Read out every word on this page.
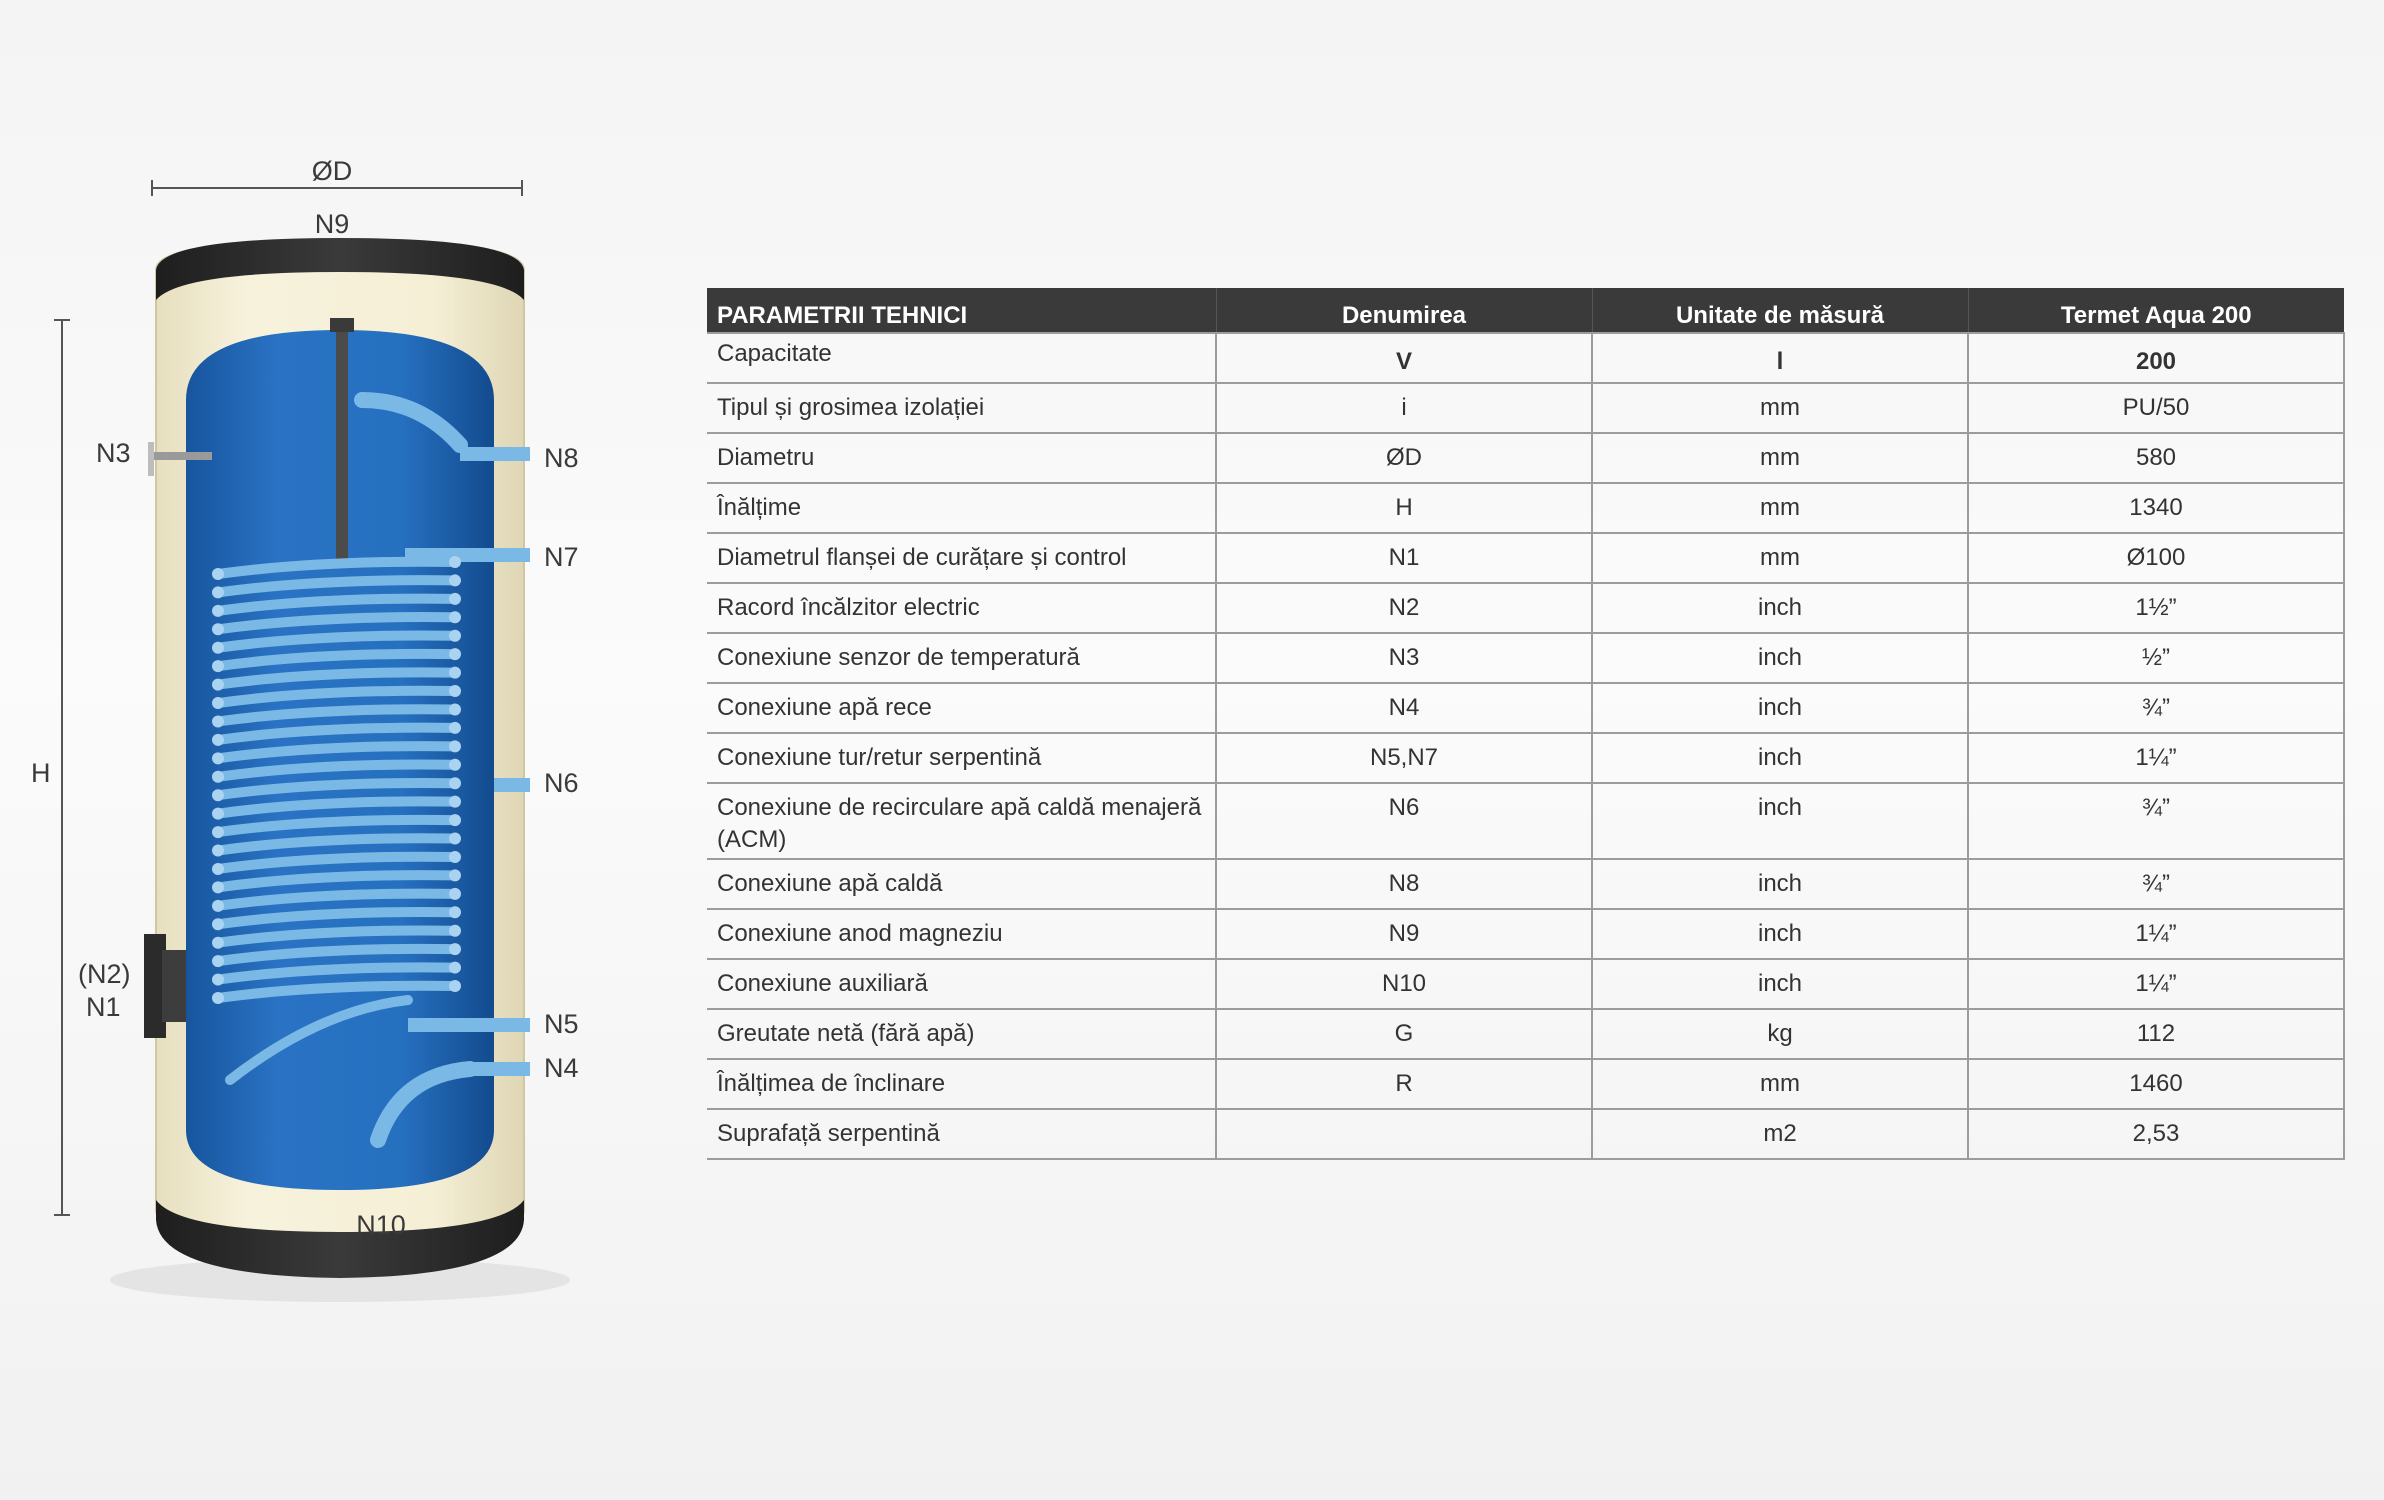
ØD
N9
N3	N8
N7
H	N6
(N2)
N1
N5
N4
N10
PARAMETRII TEHNICI	Denumirea	Unitate de măsură	Termet Aqua 200
Capacitate	V	l	200
Tipul și grosimea izolației	i	mm	PU/50
Diametru	ØD	mm	580
Înălțime	H	mm	1340
Diametrul flanșei de curățare și control	N1	mm	Ø100
Racord încălzitor electric	N2	inch	1½”
Conexiune senzor de temperatură	N3	inch	½”
Conexiune apă rece	N4	inch	¾”
Conexiune tur/retur serpentină	N5,N7	inch	1¼”
Conexiune de recirculare apă caldă menajeră (ACM)	N6	inch	¾”
Conexiune apă caldă	N8	inch	¾”
Conexiune anod magneziu	N9	inch	1¼”
Conexiune auxiliară	N10	inch	1¼”
Greutate netă (fără apă)	G	kg	112
Înălțimea de înclinare	R	mm	1460
Suprafață serpentină		m2	2,53
